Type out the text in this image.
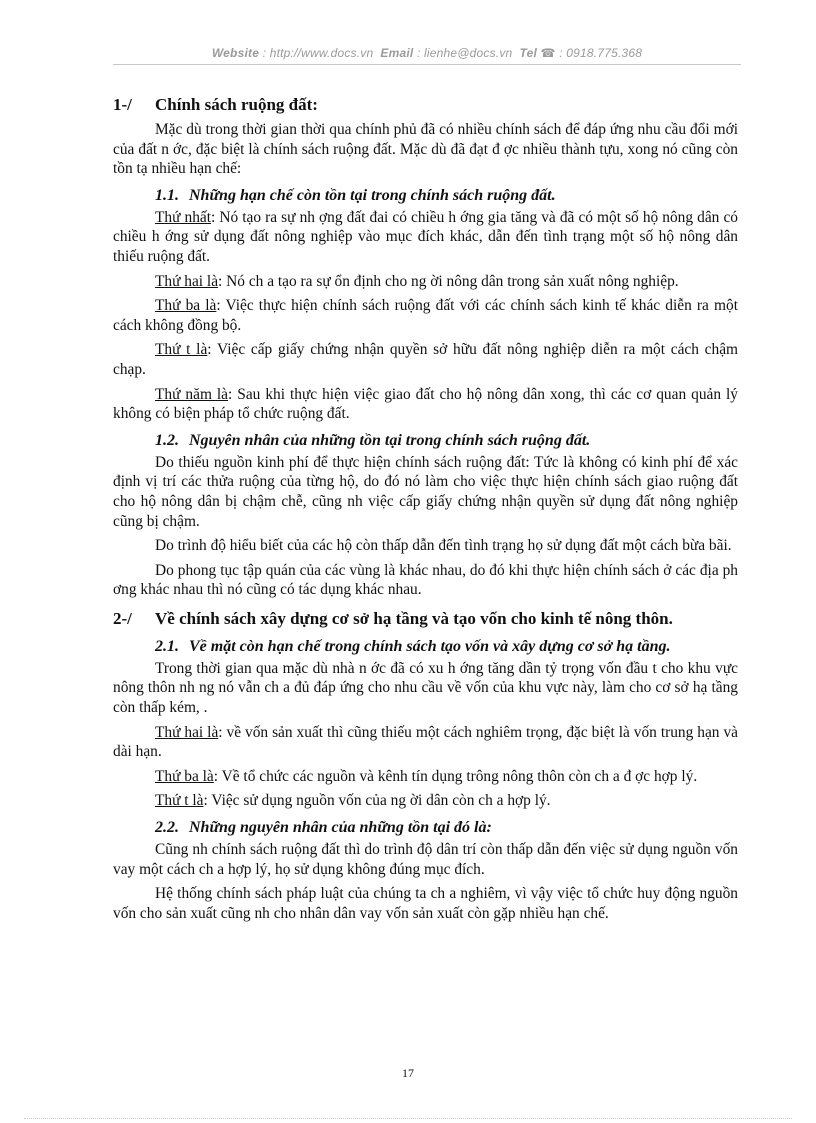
Website : http://www.docs.vn Email : lienhe@docs.vn Tel ☎ : 0918.775.368
1-/	Chính sách ruộng đất:

Mặc dù trong thời gian thời qua chính phủ đã có nhiều chính sách để đáp ứng nhu cầu đổi mới của đất n ớc, đặc biệt là chính sách ruộng đất. Mặc dù đã đạt đ ợc nhiều thành tựu, xong nó cũng còn tồn tạ nhiều hạn chế:

1.1. Những hạn chế còn tồn tại trong chính sách ruộng đất.

Thứ nhất: Nó tạo ra sự nh ợng đất đai có chiều h ớng gia tăng và đã có một số hộ nông dân có chiều h ớng sử dụng đất nông nghiệp vào mục đích khác, dẫn đến tình trạng một số hộ nông dân thiếu ruộng đất.

Thứ hai là: Nó ch a tạo ra sự ổn định cho ng ời nông dân trong sản xuất nông nghiệp.

Thứ ba là: Việc thực hiện chính sách ruộng đất với các chính sách kinh tế khác diễn ra một cách không đồng bộ.

Thứ t là: Việc cấp giấy chứng nhận quyền sở hữu đất nông nghiệp diễn ra một cách chậm chạp.

Thứ năm là: Sau khi thực hiện việc giao đất cho hộ nông dân xong, thì các cơ quan quản lý không có biện pháp tổ chức ruộng đất.

1.2. Nguyên nhân của những tồn tại trong chính sách ruộng đất.

Do thiếu nguồn kinh phí để thực hiện chính sách ruộng đất: Tức là không có kinh phí để xác định vị trí các thửa ruộng của từng hộ, do đó nó làm cho việc thực hiện chính sách giao ruộng đất cho hộ nông dân bị chậm chễ, cũng nh việc cấp giấy chứng nhận quyền sử dụng đất nông nghiệp cũng bị chậm.

Do trình độ hiểu biết của các hộ còn thấp dẫn đến tình trạng họ sử dụng đất một cách bừa bãi.

Do phong tục tập quán của các vùng là khác nhau, do đó khi thực hiện chính sách ở các địa ph ơng khác nhau thì nó cũng có tác dụng khác nhau.

2-/	Về chính sách xây dựng cơ sở hạ tầng và tạo vốn cho kinh tế nông thôn.
2.1. Về mặt còn hạn chế trong chính sách tạo vốn và xây dựng cơ sở hạ tầng.

Trong thời gian qua mặc dù nhà n ớc đã có xu h ớng tăng dần tỷ trọng vốn đầu t cho khu vực nông thôn nh ng nó vẫn ch a đủ đáp ứng cho nhu cầu về vốn của khu vực này, làm cho cơ sở hạ tầng còn thấp kém, .

Thứ hai là: về vốn sản xuất thì cũng thiếu một cách nghiêm trọng, đặc biệt là vốn trung hạn và dài hạn.

Thứ ba là: Về tổ chức các nguồn và kênh tín dụng trông nông thôn còn ch a đ ợc hợp lý.

Thứ t là: Việc sử dụng nguồn vốn của ng ời dân còn ch a hợp lý.

2.2. Những nguyên nhân của những tồn tại đó là:

Cũng nh chính sách ruộng đất thì do trình độ dân trí còn thấp dẫn đến việc sử dụng nguồn vốn vay một cách ch a hợp lý, họ sử dụng không đúng mục đích.

Hệ thống chính sách pháp luật của chúng ta ch a nghiêm, vì vậy việc tổ chức huy động nguồn vốn cho sản xuất cũng nh cho nhân dân vay vốn sản xuất còn gặp nhiều hạn chế.

17
